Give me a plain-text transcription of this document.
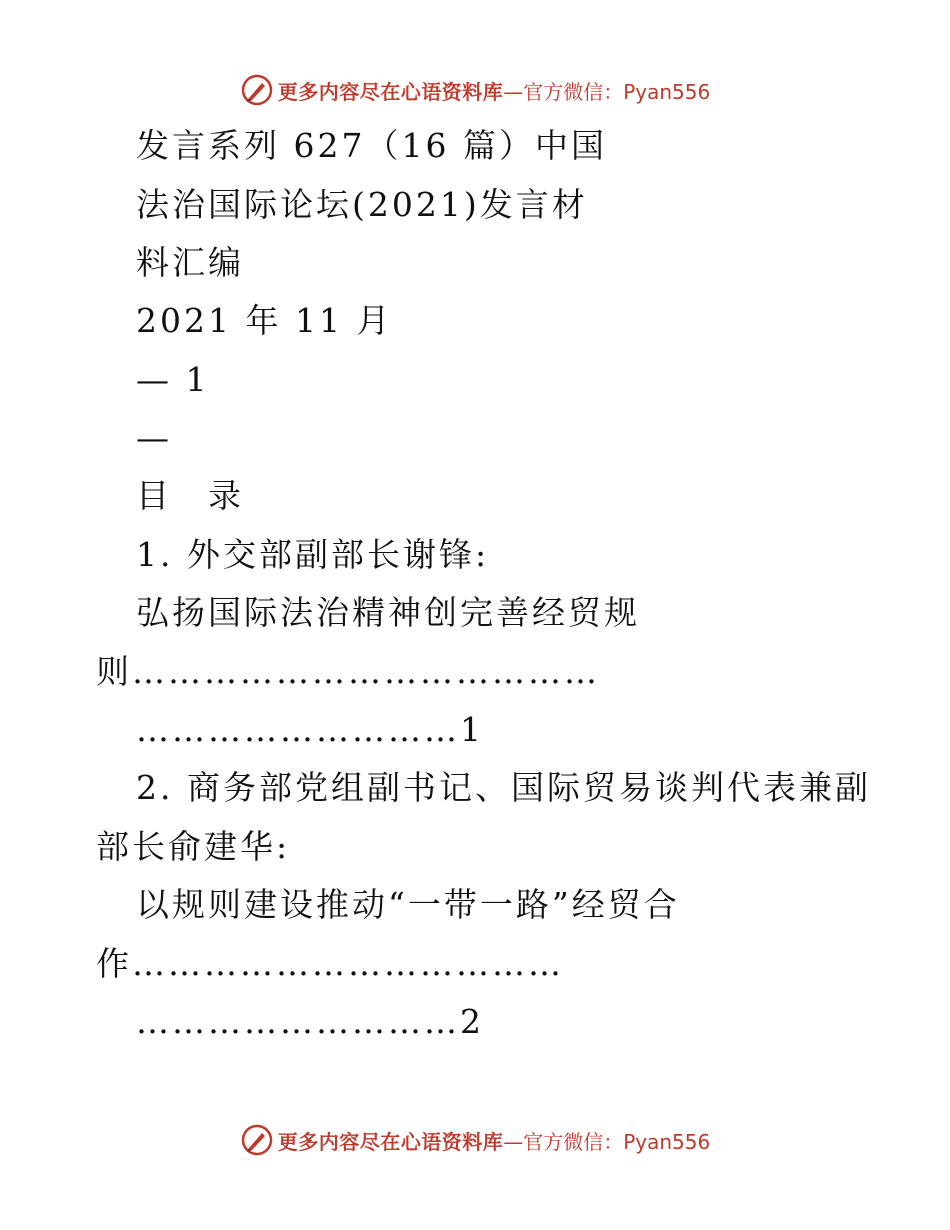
更多内容尽在心语资料库 —官方微信：Pyan556
发言系列 627（16 篇）中国
法治国际论坛(2021)发言材
料汇编
2021 年 11 月
— 1
—
目　录
1. 外交部副部长谢锋:
弘扬国际法治精神创完善经贸规
则…………………………………
………………………1
2. 商务部党组副书记、国际贸易谈判代表兼副
部长俞建华:
以规则建设推动“一带一路”经贸合
作………………………………
………………………2
更多内容尽在心语资料库 —官方微信：Pyan556
